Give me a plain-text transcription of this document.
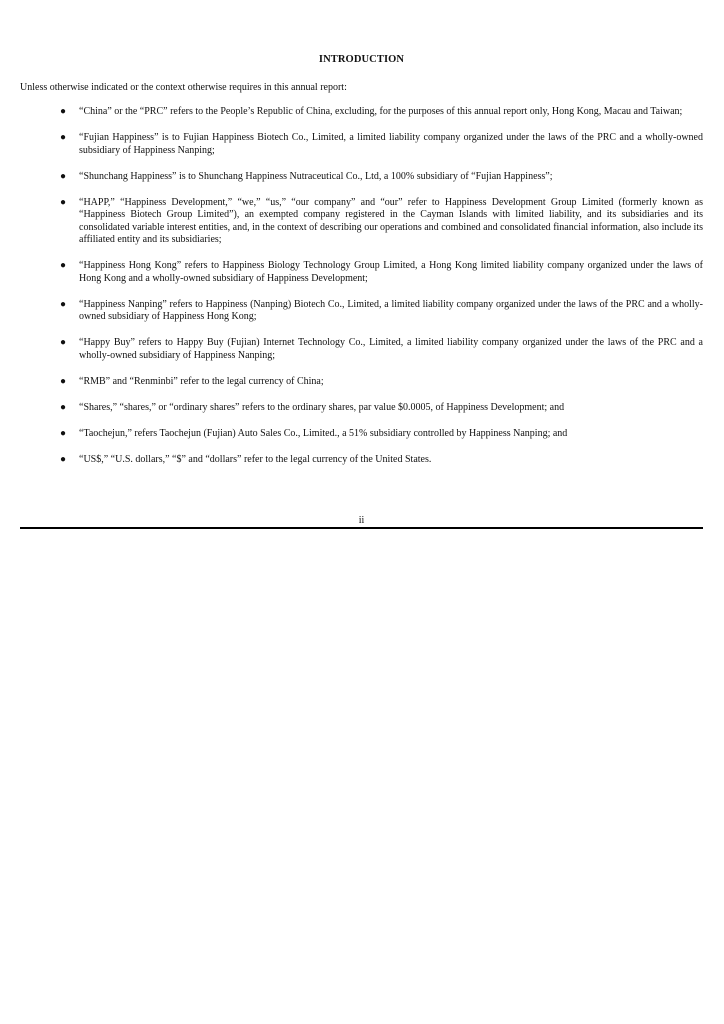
INTRODUCTION
Unless otherwise indicated or the context otherwise requires in this annual report:
● “China” or the “PRC” refers to the People’s Republic of China, excluding, for the purposes of this annual report only, Hong Kong, Macau and Taiwan;
● “Fujian Happiness” is to Fujian Happiness Biotech Co., Limited, a limited liability company organized under the laws of the PRC and a wholly-owned subsidiary of Happiness Nanping;
● “Shunchang Happiness” is to Shunchang Happiness Nutraceutical Co., Ltd, a 100% subsidiary of “Fujian Happiness”;
● “HAPP,” “Happiness Development,” “we,” “us,” “our company” and “our” refer to Happiness Development Group Limited (formerly known as “Happiness Biotech Group Limited”), an exempted company registered in the Cayman Islands with limited liability, and its subsidiaries and its consolidated variable interest entities, and, in the context of describing our operations and combined and consolidated financial information, also include its affiliated entity and its subsidiaries;
● “Happiness Hong Kong” refers to Happiness Biology Technology Group Limited, a Hong Kong limited liability company organized under the laws of Hong Kong and a wholly-owned subsidiary of Happiness Development;
● “Happiness Nanping” refers to Happiness (Nanping) Biotech Co., Limited, a limited liability company organized under the laws of the PRC and a wholly-owned subsidiary of Happiness Hong Kong;
● “Happy Buy” refers to Happy Buy (Fujian) Internet Technology Co., Limited, a limited liability company organized under the laws of the PRC and a wholly-owned subsidiary of Happiness Nanping;
● “RMB” and “Renminbi” refer to the legal currency of China;
● “Shares,” “shares,” or “ordinary shares” refers to the ordinary shares, par value $0.0005, of Happiness Development; and
● “Taochejun,” refers Taochejun (Fujian) Auto Sales Co., Limited., a 51% subsidiary controlled by Happiness Nanping; and
● “US$,” “U.S. dollars,” “$” and “dollars” refer to the legal currency of the United States.
ii
